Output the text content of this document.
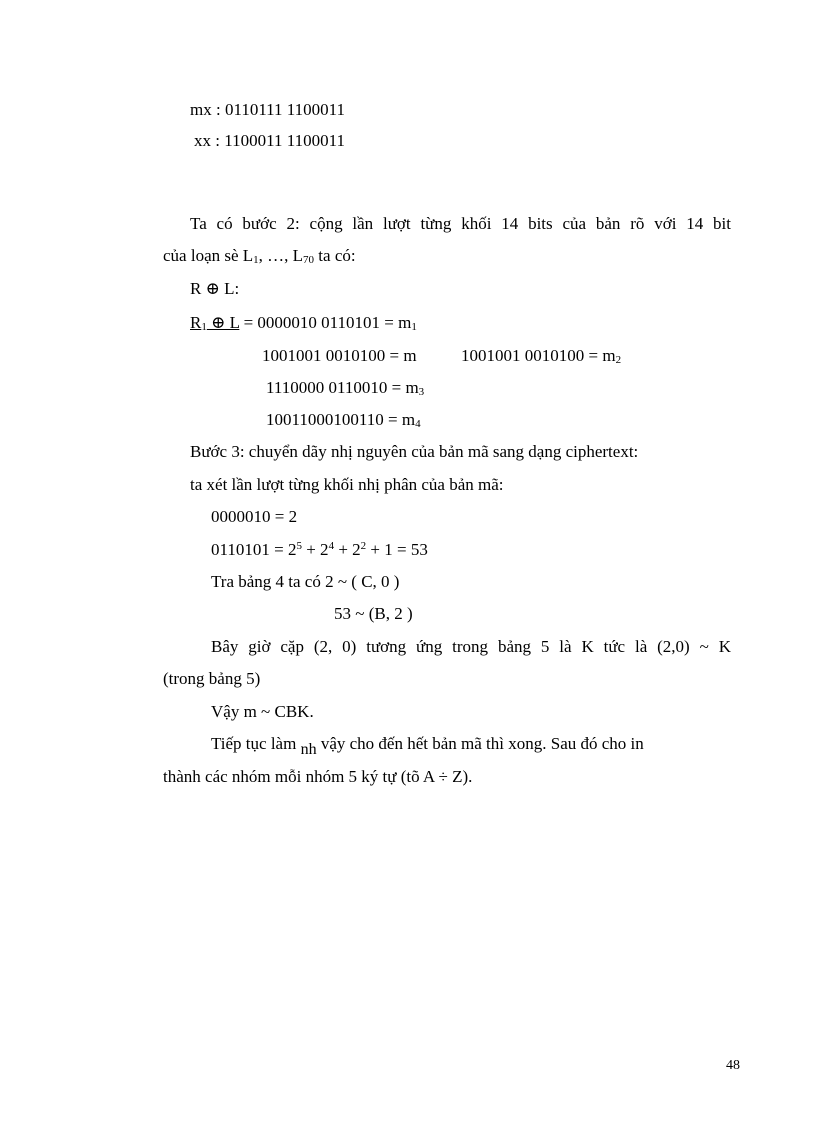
mx : 0110111 1100011
xx : 1100011 1100011
Ta có bước 2: cộng lần lượt từng khối 14 bits của bản rõ với 14 bit
của loạn sè $L_1$, …, $L_{70}$ ta có:
R ⊕ L:
$R_1$ ⊕ L = 0000010 $0110101 = m_1$
1001001 0010100 = m	1001001 $0010100 = m_2$
1110000 $0110010 = m_3$
$10011000100110 = m_4$
Bước 3: chuyển dãy nhị nguyên của bản mã sang dạng ciphertext:
ta xét lần lượt từng khối nhị phân của bản mã:
0000010 = 2
$0110101 = 2^5 + 2^4 + 2^2 + 1 = 53$
Tra bảng 4 ta có 2 ~ ( C, 0 )
53 ~ (B, 2 )
Bây giờ cặp (2, 0) tương ứng trong bảng 5 là K tức là (2,0) ~ K
(trong bảng 5)
Vậy m ~ CBK.
Tiếp tục làm $_{nh}$ vậy cho đến hết bản mã thì xong. Sau đó cho in
thành các nhóm mỗi nhóm 5 ký tự (tõ A ÷ Z).
48
